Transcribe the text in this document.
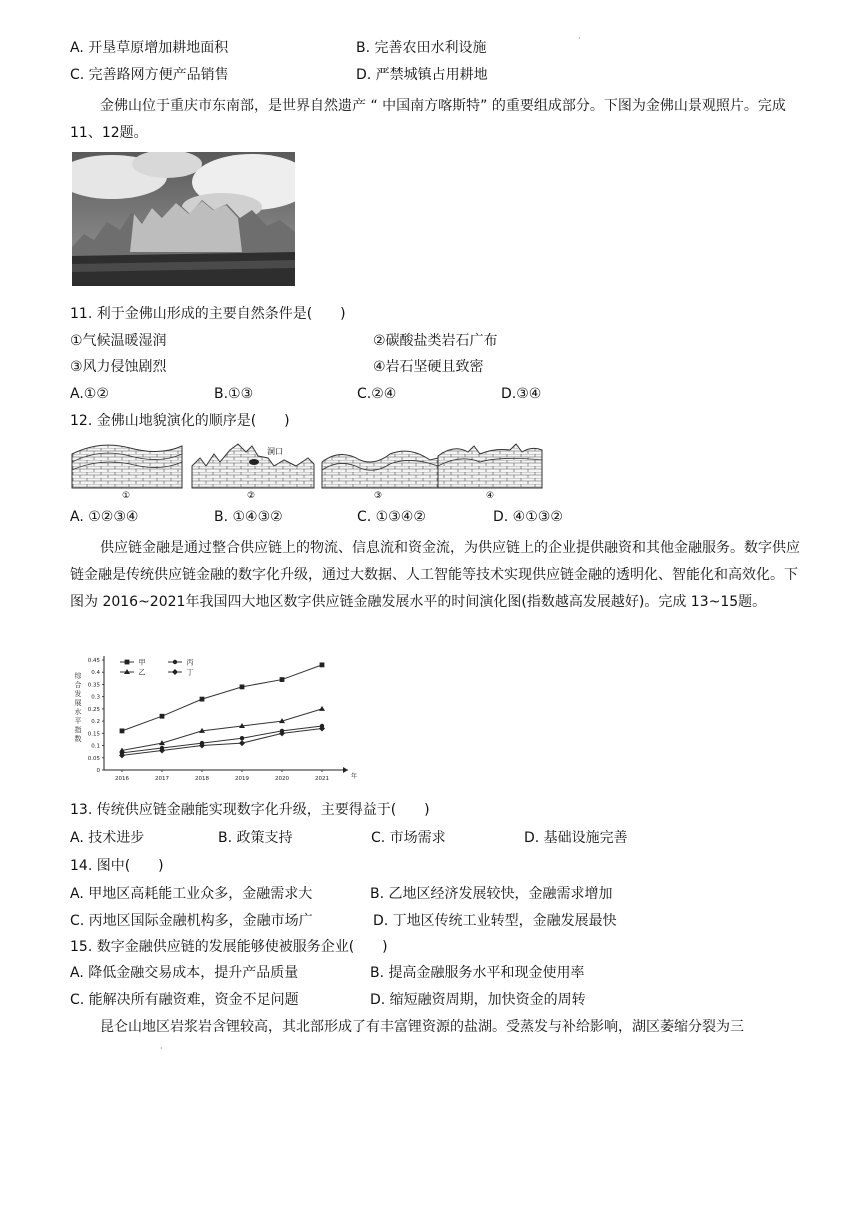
A. 开垦草原增加耕地面积	B. 完善农田水利设施
C. 完善路网方便产品销售	D. 严禁城镇占用耕地
·
金佛山位于重庆市东南部，是世界自然遗产 “ 中国南方喀斯特” 的重要组成部分。下图为金佛山景观照片。完成 11、12题。
11. 利于金佛山形成的主要自然条件是(　　)
①气候温暖湿润	②碳酸盐类岩石广布
③风力侵蚀剧烈	④岩石坚硬且致密
A.①②	B.①③	C.②④	D.③④
12. 金佛山地貌演化的顺序是(　　)
洞口
①	②	③	④
A. ①②③④	B. ①④③②	C. ①③④②	D. ④①③②
供应链金融是通过整合供应链上的物流、信息流和资金流，为供应链上的企业提供融资和其他金融服务。数字供应链金融是传统供应链金融的数字化升级，通过大数据、人工智能等技术实现供应链金融的透明化、智能化和高效化。下图为 2016~2021年我国四大地区数字供应链金融发展水平的时间演化图(指数越高发展越好)。完成 13~15题。
0
0.05
0.1
0.15
0.2
0.25
0.3
0.35
0.4
0.45
2016	2017	2018	2019	2020	2021	年
综
合
发
展
水
平
指
数
甲
乙
丙
丁
13. 传统供应链金融能实现数字化升级，主要得益于(　　)
A. 技术进步	B. 政策支持	C. 市场需求	D. 基础设施完善
14. 图中(　　)
A. 甲地区高耗能工业众多，金融需求大	B. 乙地区经济发展较快，金融需求增加
C. 丙地区国际金融机构多，金融市场广	D. 丁地区传统工业转型，金融发展最快
15. 数字金融供应链的发展能够使被服务企业(　　)
A. 降低金融交易成本，提升产品质量	B. 提高金融服务水平和现金使用率
C. 能解决所有融资难，资金不足问题	D. 缩短融资周期，加快资金的周转
昆仑山地区岩浆岩含锂较高，其北部形成了有丰富锂资源的盐湖。受蒸发与补给影响，湖区萎缩分裂为三
·
